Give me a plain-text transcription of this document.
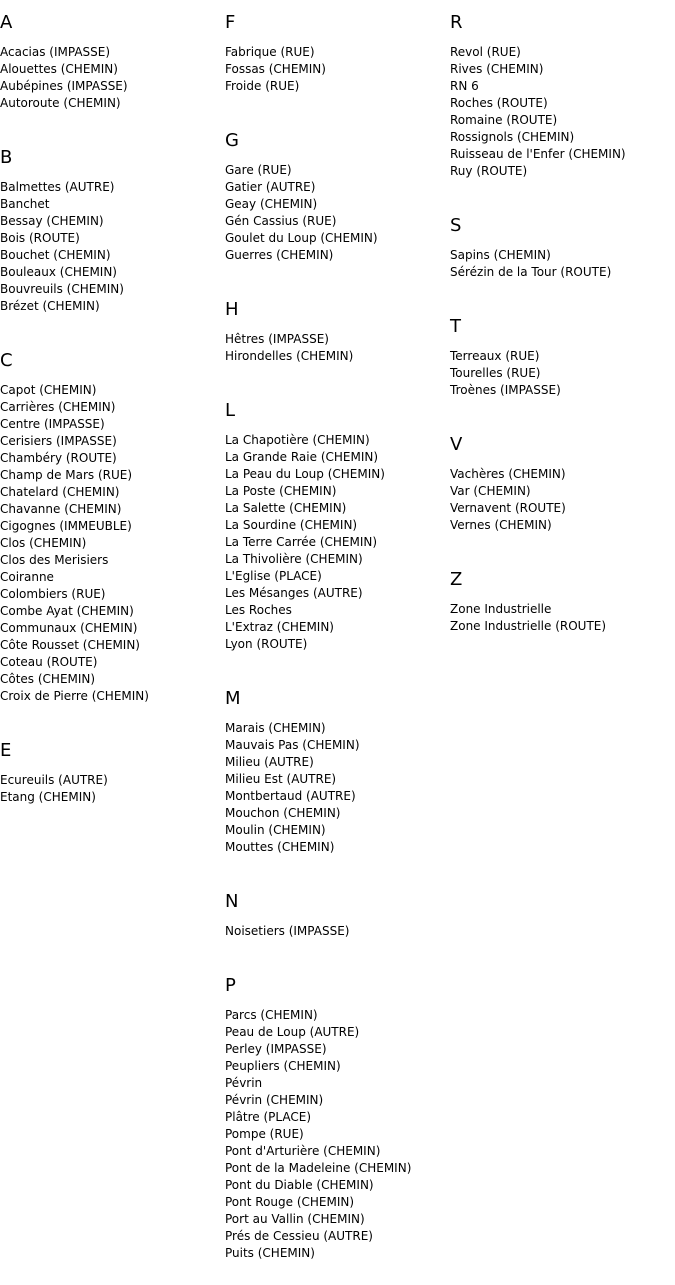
A
Acacias (IMPASSE)
Alouettes (CHEMIN)
Aubépines (IMPASSE)
Autoroute (CHEMIN)
B
Balmettes (AUTRE)
Banchet
Bessay (CHEMIN)
Bois (ROUTE)
Bouchet (CHEMIN)
Bouleaux (CHEMIN)
Bouvreuils (CHEMIN)
Brézet (CHEMIN)
C
Capot (CHEMIN)
Carrières (CHEMIN)
Centre (IMPASSE)
Cerisiers (IMPASSE)
Chambéry (ROUTE)
Champ de Mars (RUE)
Chatelard (CHEMIN)
Chavanne (CHEMIN)
Cigognes (IMMEUBLE)
Clos (CHEMIN)
Clos des Merisiers
Coiranne
Colombiers (RUE)
Combe Ayat (CHEMIN)
Communaux (CHEMIN)
Côte Rousset (CHEMIN)
Coteau (ROUTE)
Côtes (CHEMIN)
Croix de Pierre (CHEMIN)
E
Ecureuils (AUTRE)
Etang (CHEMIN)
F
Fabrique (RUE)
Fossas (CHEMIN)
Froide (RUE)
G
Gare (RUE)
Gatier (AUTRE)
Geay (CHEMIN)
Gén Cassius (RUE)
Goulet du Loup (CHEMIN)
Guerres (CHEMIN)
H
Hêtres (IMPASSE)
Hirondelles (CHEMIN)
L
La Chapotière (CHEMIN)
La Grande Raie (CHEMIN)
La Peau du Loup (CHEMIN)
La Poste (CHEMIN)
La Salette (CHEMIN)
La Sourdine (CHEMIN)
La Terre Carrée (CHEMIN)
La Thivolière (CHEMIN)
L'Eglise (PLACE)
Les Mésanges (AUTRE)
Les Roches
L'Extraz (CHEMIN)
Lyon (ROUTE)
M
Marais (CHEMIN)
Mauvais Pas (CHEMIN)
Milieu (AUTRE)
Milieu Est (AUTRE)
Montbertaud (AUTRE)
Mouchon (CHEMIN)
Moulin (CHEMIN)
Mouttes (CHEMIN)
N
Noisetiers (IMPASSE)
P
Parcs (CHEMIN)
Peau de Loup (AUTRE)
Perley (IMPASSE)
Peupliers (CHEMIN)
Pévrin
Pévrin (CHEMIN)
Plâtre (PLACE)
Pompe (RUE)
Pont d'Arturière (CHEMIN)
Pont de la Madeleine (CHEMIN)
Pont du Diable (CHEMIN)
Pont Rouge (CHEMIN)
Port au Vallin (CHEMIN)
Prés de Cessieu (AUTRE)
Puits (CHEMIN)
R
Revol (RUE)
Rives (CHEMIN)
RN 6
Roches (ROUTE)
Romaine (ROUTE)
Rossignols (CHEMIN)
Ruisseau de l'Enfer (CHEMIN)
Ruy (ROUTE)
S
Sapins (CHEMIN)
Sérézin de la Tour (ROUTE)
T
Terreaux (RUE)
Tourelles (RUE)
Troènes (IMPASSE)
V
Vachères (CHEMIN)
Var (CHEMIN)
Vernavent (ROUTE)
Vernes (CHEMIN)
Z
Zone Industrielle
Zone Industrielle (ROUTE)
